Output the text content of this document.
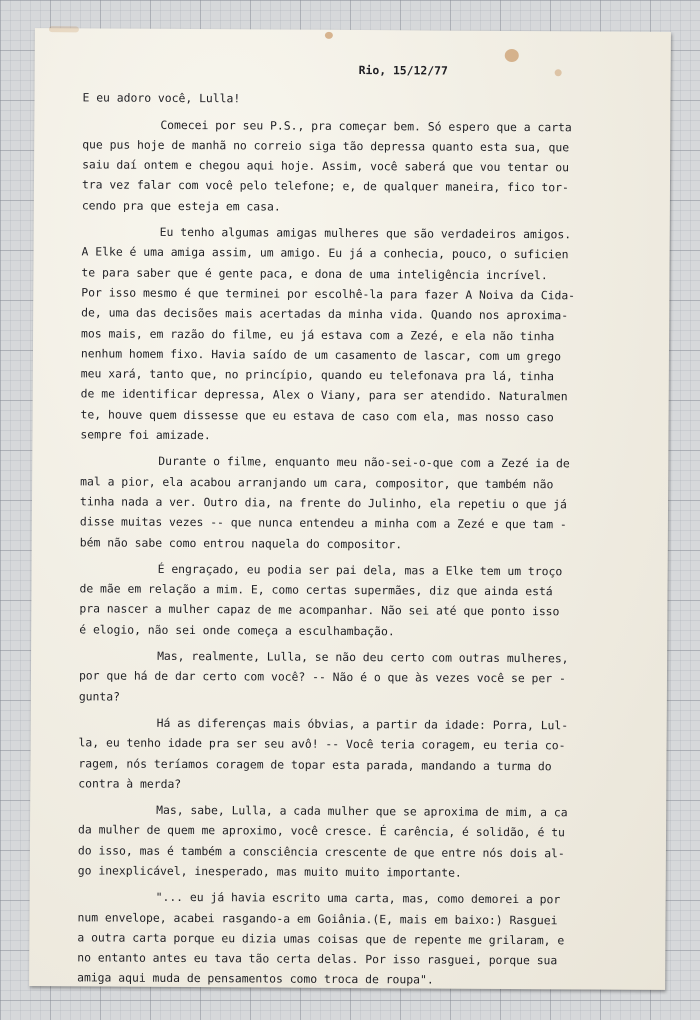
Rio, 15/12/77
E eu adoro você, Lulla!
Comecei por seu P.S., pra começar bem. Só espero que a carta
que pus hoje de manhã no correio siga tão depressa quanto esta sua, que
saiu daí ontem e chegou aqui hoje. Assim, você saberá que vou tentar ou
tra vez falar com você pelo telefone; e, de qualquer maneira, fico tor-
cendo pra que esteja em casa.
Eu tenho algumas amigas mulheres que são verdadeiros amigos.
A Elke é uma amiga assim, um amigo. Eu já a conhecia, pouco, o suficien
te para saber que é gente paca, e dona de uma inteligência incrível.
Por isso mesmo é que terminei por escolhê-la para fazer A Noiva da Cida-
de, uma das decisões mais acertadas da minha vida. Quando nos aproxima-
mos mais, em razão do filme, eu já estava com a Zezé, e ela não tinha
nenhum homem fixo. Havia saído de um casamento de lascar, com um grego
meu xará, tanto que, no princípio, quando eu telefonava pra lá, tinha
de me identificar depressa, Alex o Viany, para ser atendido. Naturalmen
te, houve quem dissesse que eu estava de caso com ela, mas nosso caso
sempre foi amizade.
Durante o filme, enquanto meu não-sei-o-que com a Zezé ia de
mal a pior, ela acabou arranjando um cara, compositor, que também não
tinha nada a ver. Outro dia, na frente do Julinho, ela repetiu o que já
disse muitas vezes -- que nunca entendeu a minha com a Zezé e que tam -
bém não sabe como entrou naquela do compositor.
É engraçado, eu podia ser pai dela, mas a Elke tem um troço
de mãe em relação a mim. E, como certas supermães, diz que ainda está
pra nascer a mulher capaz de me acompanhar. Não sei até que ponto isso
é elogio, não sei onde começa a esculhambação.
Mas, realmente, Lulla, se não deu certo com outras mulheres,
por que há de dar certo com você? -- Não é o que às vezes você se per -
gunta?
Há as diferenças mais óbvias, a partir da idade: Porra, Lul-
la, eu tenho idade pra ser seu avô! -- Você teria coragem, eu teria co-
ragem, nós teríamos coragem de topar esta parada, mandando a turma do
contra à merda?
Mas, sabe, Lulla, a cada mulher que se aproxima de mim, a ca
da mulher de quem me aproximo, você cresce. É carência, é solidão, é tu
do isso, mas é também a consciência crescente de que entre nós dois al-
go inexplicável, inesperado, mas muito muito importante.
"... eu já havia escrito uma carta, mas, como demorei a por
num envelope, acabei rasgando-a em Goiânia.(E, mais em baixo:) Rasguei
a outra carta porque eu dizia umas coisas que de repente me grilaram, e
no entanto antes eu tava tão certa delas. Por isso rasguei, porque sua
amiga aqui muda de pensamentos como troca de roupa".
